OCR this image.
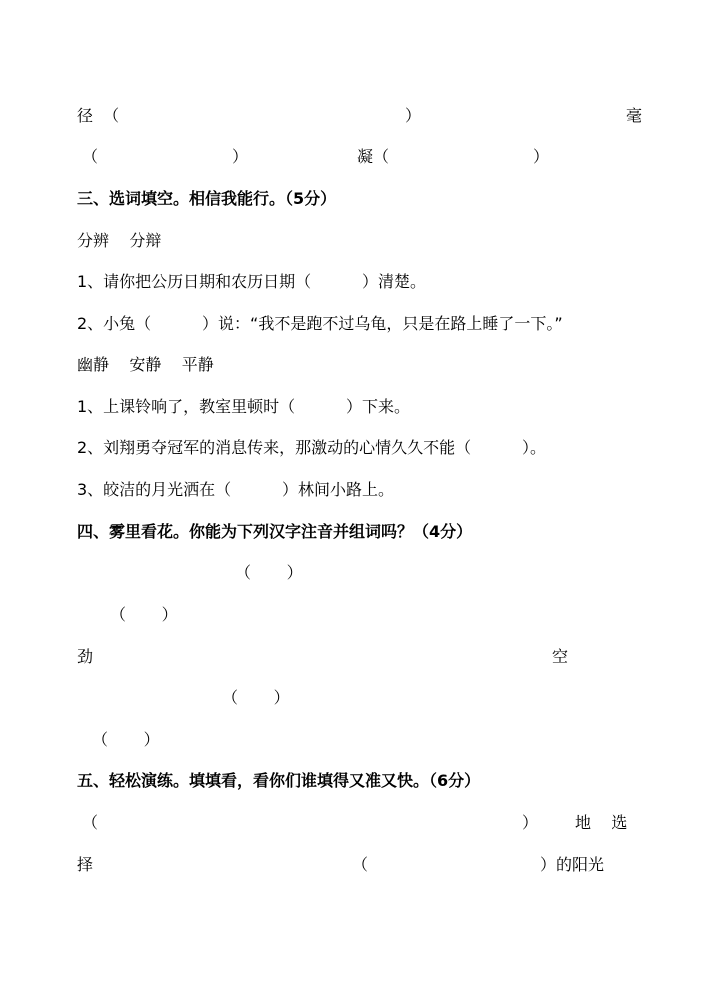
径  （	）	毫
（	）	凝（	）
三、选词填空。相信我能行。（5分）
分辨    分辩
1、请你把公历日期和农历日期（          ）清楚。
2、小兔（          ）说：“我不是跑不过乌龟，只是在路上睡了一下。”
幽静    安静    平静
1、上课铃响了，教室里顿时（          ）下来。
2、刘翔勇夺冠军的消息传来，那激动的心情久久不能（          ）。
3、皎洁的月光洒在（          ）林间小路上。
四、雾里看花。你能为下列汉字注音并组词吗？（4分）
（       ）
（       ）
劲	空
（       ）
（       ）
五、轻松演练。填填看，看你们谁填得又准又快。（6分）
（	） 地    选
择	（	）的阳光
